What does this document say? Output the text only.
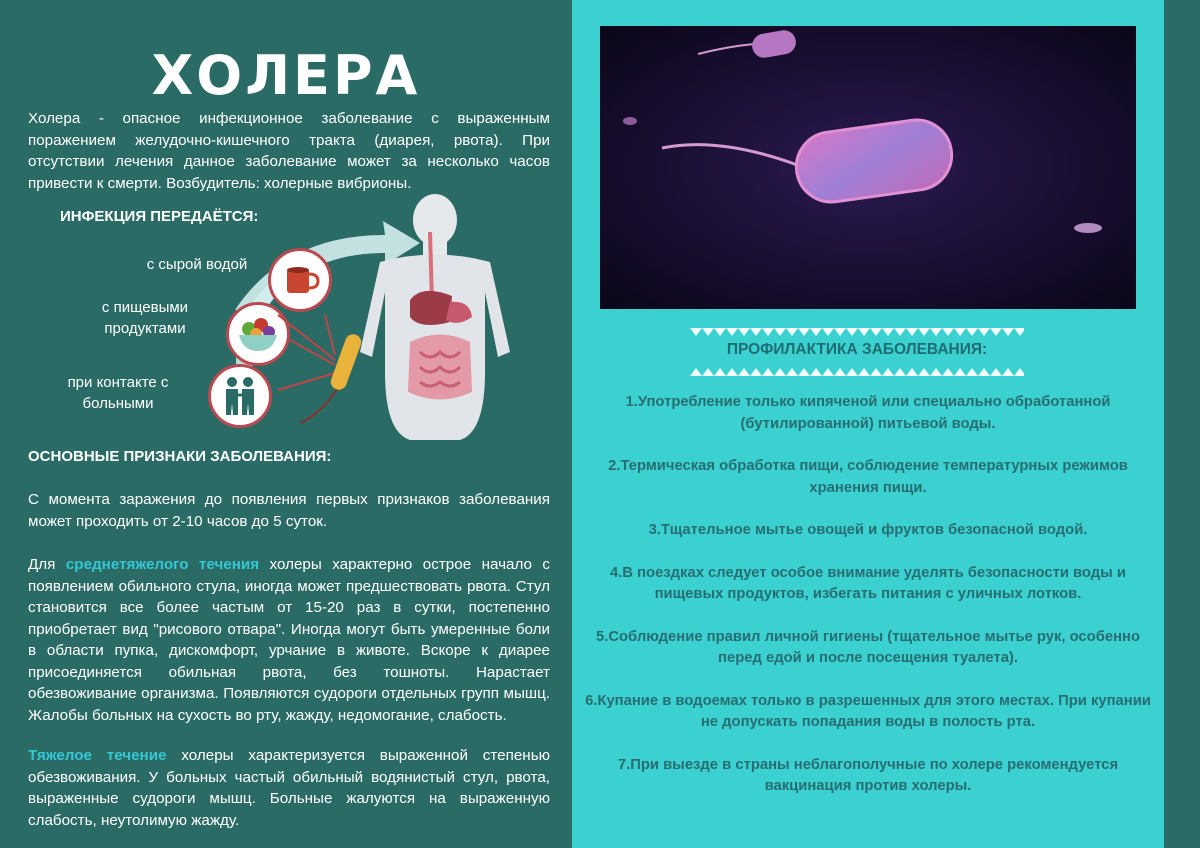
ХОЛЕРА
Холера - опасное инфекционное заболевание с выраженным поражением желудочно-кишечного тракта (диарея, рвота). При отсутствии лечения данное заболевание может за несколько часов привести к смерти. Возбудитель: холерные вибрионы.
ИНФЕКЦИЯ ПЕРЕДАЁТСЯ:
с сырой водой
с пищевыми продуктами
при контакте с больными
ОСНОВНЫЕ ПРИЗНАКИ ЗАБОЛЕВАНИЯ:
С момента заражения до появления первых признаков заболевания может проходить от 2-10 часов до 5 суток.
Для среднетяжелого течения холеры характерно острое начало с появлением обильного стула, иногда может предшествовать рвота. Стул становится все более частым от 15-20 раз в сутки, постепенно приобретает вид "рисового отвара". Иногда могут быть умеренные боли в области пупка, дискомфорт, урчание в животе. Вскоре к диарее присоединяется обильная рвота, без тошноты. Нарастает обезвоживание организма. Появляются судороги отдельных групп мышц. Жалобы больных на сухость во рту, жажду, недомогание, слабость.
Тяжелое течение холеры характеризуется выраженной степенью обезвоживания. У больных частый обильный водянистый стул, рвота, выраженные судороги мышц. Больные жалуются на выраженную слабость, неутолимую жажду.
ПРОФИЛАКТИКА ЗАБОЛЕВАНИЯ:
1.Употребление только кипяченой или специально обработанной (бутилированной) питьевой воды.
2.Термическая обработка пищи, соблюдение температурных режимов хранения пищи.
3.Тщательное мытье овощей и фруктов безопасной водой.
4.В поездках следует особое внимание уделять безопасности воды и пищевых продуктов, избегать питания с уличных лотков.
5.Соблюдение правил личной гигиены (тщательное мытье рук, особенно перед едой и после посещения туалета).
6.Купание в водоемах только в разрешенных для этого местах. При купании не допускать попадания воды в полость рта.
7.При выезде в страны неблагополучные по холере рекомендуется вакцинация против холеры.
